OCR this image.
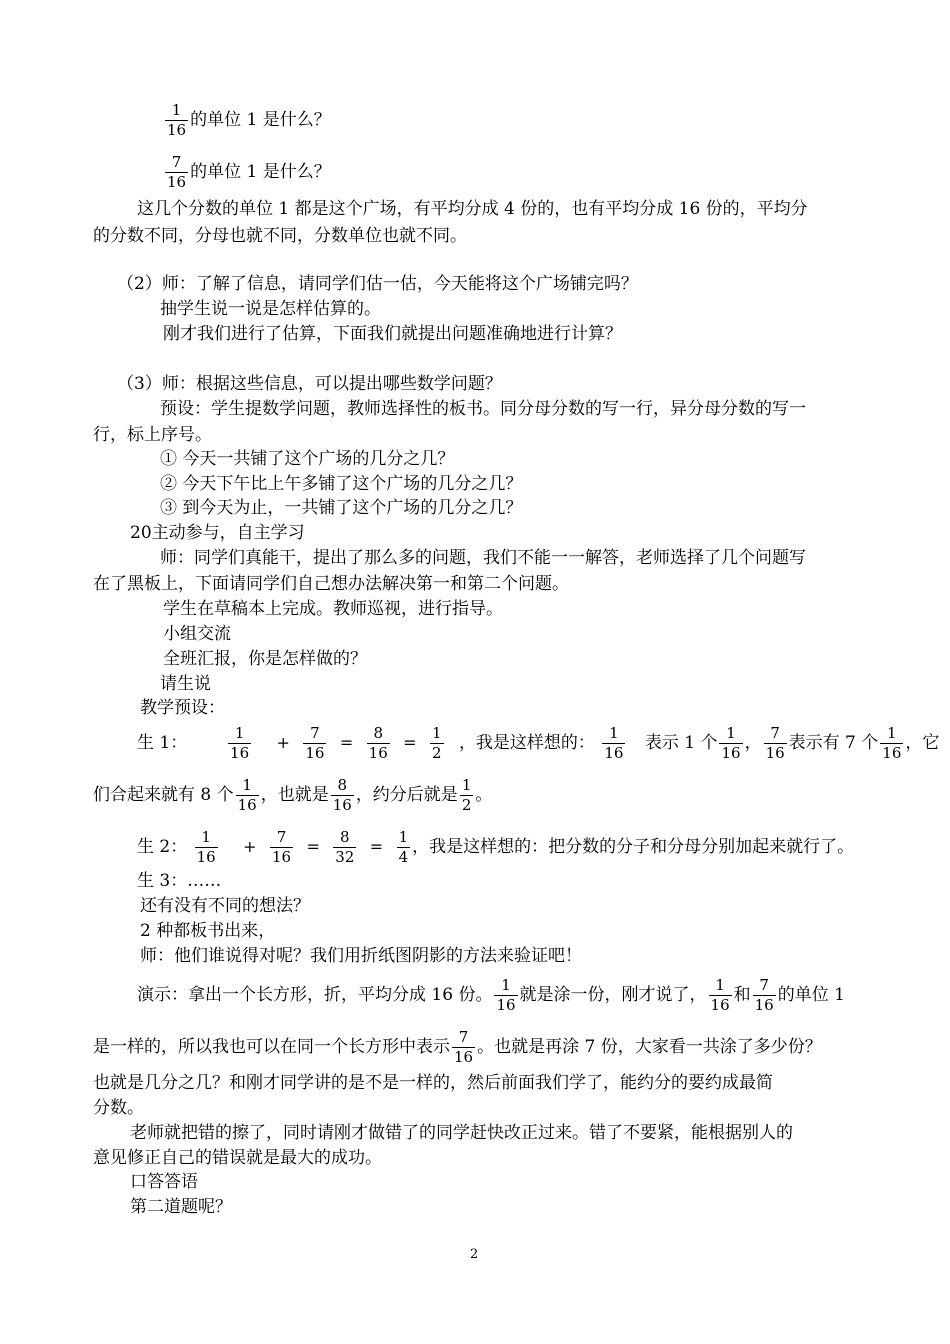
$\frac{1}{16}$ 的单位 1 是什么？
$\frac{7}{16}$ 的单位 1 是什么？
这几个分数的单位 1 都是这个广场，有平均分成 4 份的，也有平均分成 16 份的，平均分
的分数不同，分母也就不同，分数单位也就不同。
（2）师：了解了信息，请同学们估一估，今天能将这个广场铺完吗？
抽学生说一说是怎样估算的。
刚才我们进行了估算，下面我们就提出问题准确地进行计算？
（3）师：根据这些信息，可以提出哪些数学问题？
预设：学生提数学问题，教师选择性的板书。同分母分数的写一行，异分母分数的写一
行，标上序号。
① 今天一共铺了这个广场的几分之几？
② 今天下午比上午多铺了这个广场的几分之几？
③ 到今天为止，一共铺了这个广场的几分之几？
20主动参与，自主学习
师：同学们真能干，提出了那么多的问题，我们不能一一解答，老师选择了几个问题写
在了黑板上，下面请同学们自己想办法解决第一和第二个问题。
学生在草稿本上完成。教师巡视，进行指导。
小组交流
全班汇报，你是怎样做的？
请生说
教学预设：
生 1：	$\frac{1}{16} + \frac{7}{16} = \frac{8}{16} = \frac{1}{2}$ ，我是这样想的： $\frac{1}{16}$ 表示 1 个 $\frac{1}{16}$ ， $\frac{7}{16}$ 表示有 7 个 $\frac{1}{16}$ ，它
们合起来就有 8 个 $\frac{1}{16}$ ，也就是 $\frac{8}{16}$ ，约分后就是 $\frac{1}{2}$ 。
生 2： $\frac{1}{16} + \frac{7}{16} = \frac{8}{32} = \frac{1}{4}$ ，我是这样想的：把分数的分子和分母分别加起来就行了。
生 3：……
还有没有不同的想法？
2 种都板书出来，
师：他们谁说得对呢？我们用折纸图阴影的方法来验证吧！
演示：拿出一个长方形，折，平均分成 16 份。 $\frac{1}{16}$ 就是涂一份，刚才说了， $\frac{1}{16}$ 和 $\frac{7}{16}$ 的单位 1
是一样的，所以我也可以在同一个长方形中表示 $\frac{7}{16}$ 。也就是再涂 7 份，大家看一共涂了多少份？
也就是几分之几？和刚才同学讲的是不是一样的，然后前面我们学了，能约分的要约成最简
分数。
老师就把错的擦了，同时请刚才做错了的同学赶快改正过来。错了不要紧，能根据别人的
意见修正自己的错误就是最大的成功。
口答答语
第二道题呢？
2
